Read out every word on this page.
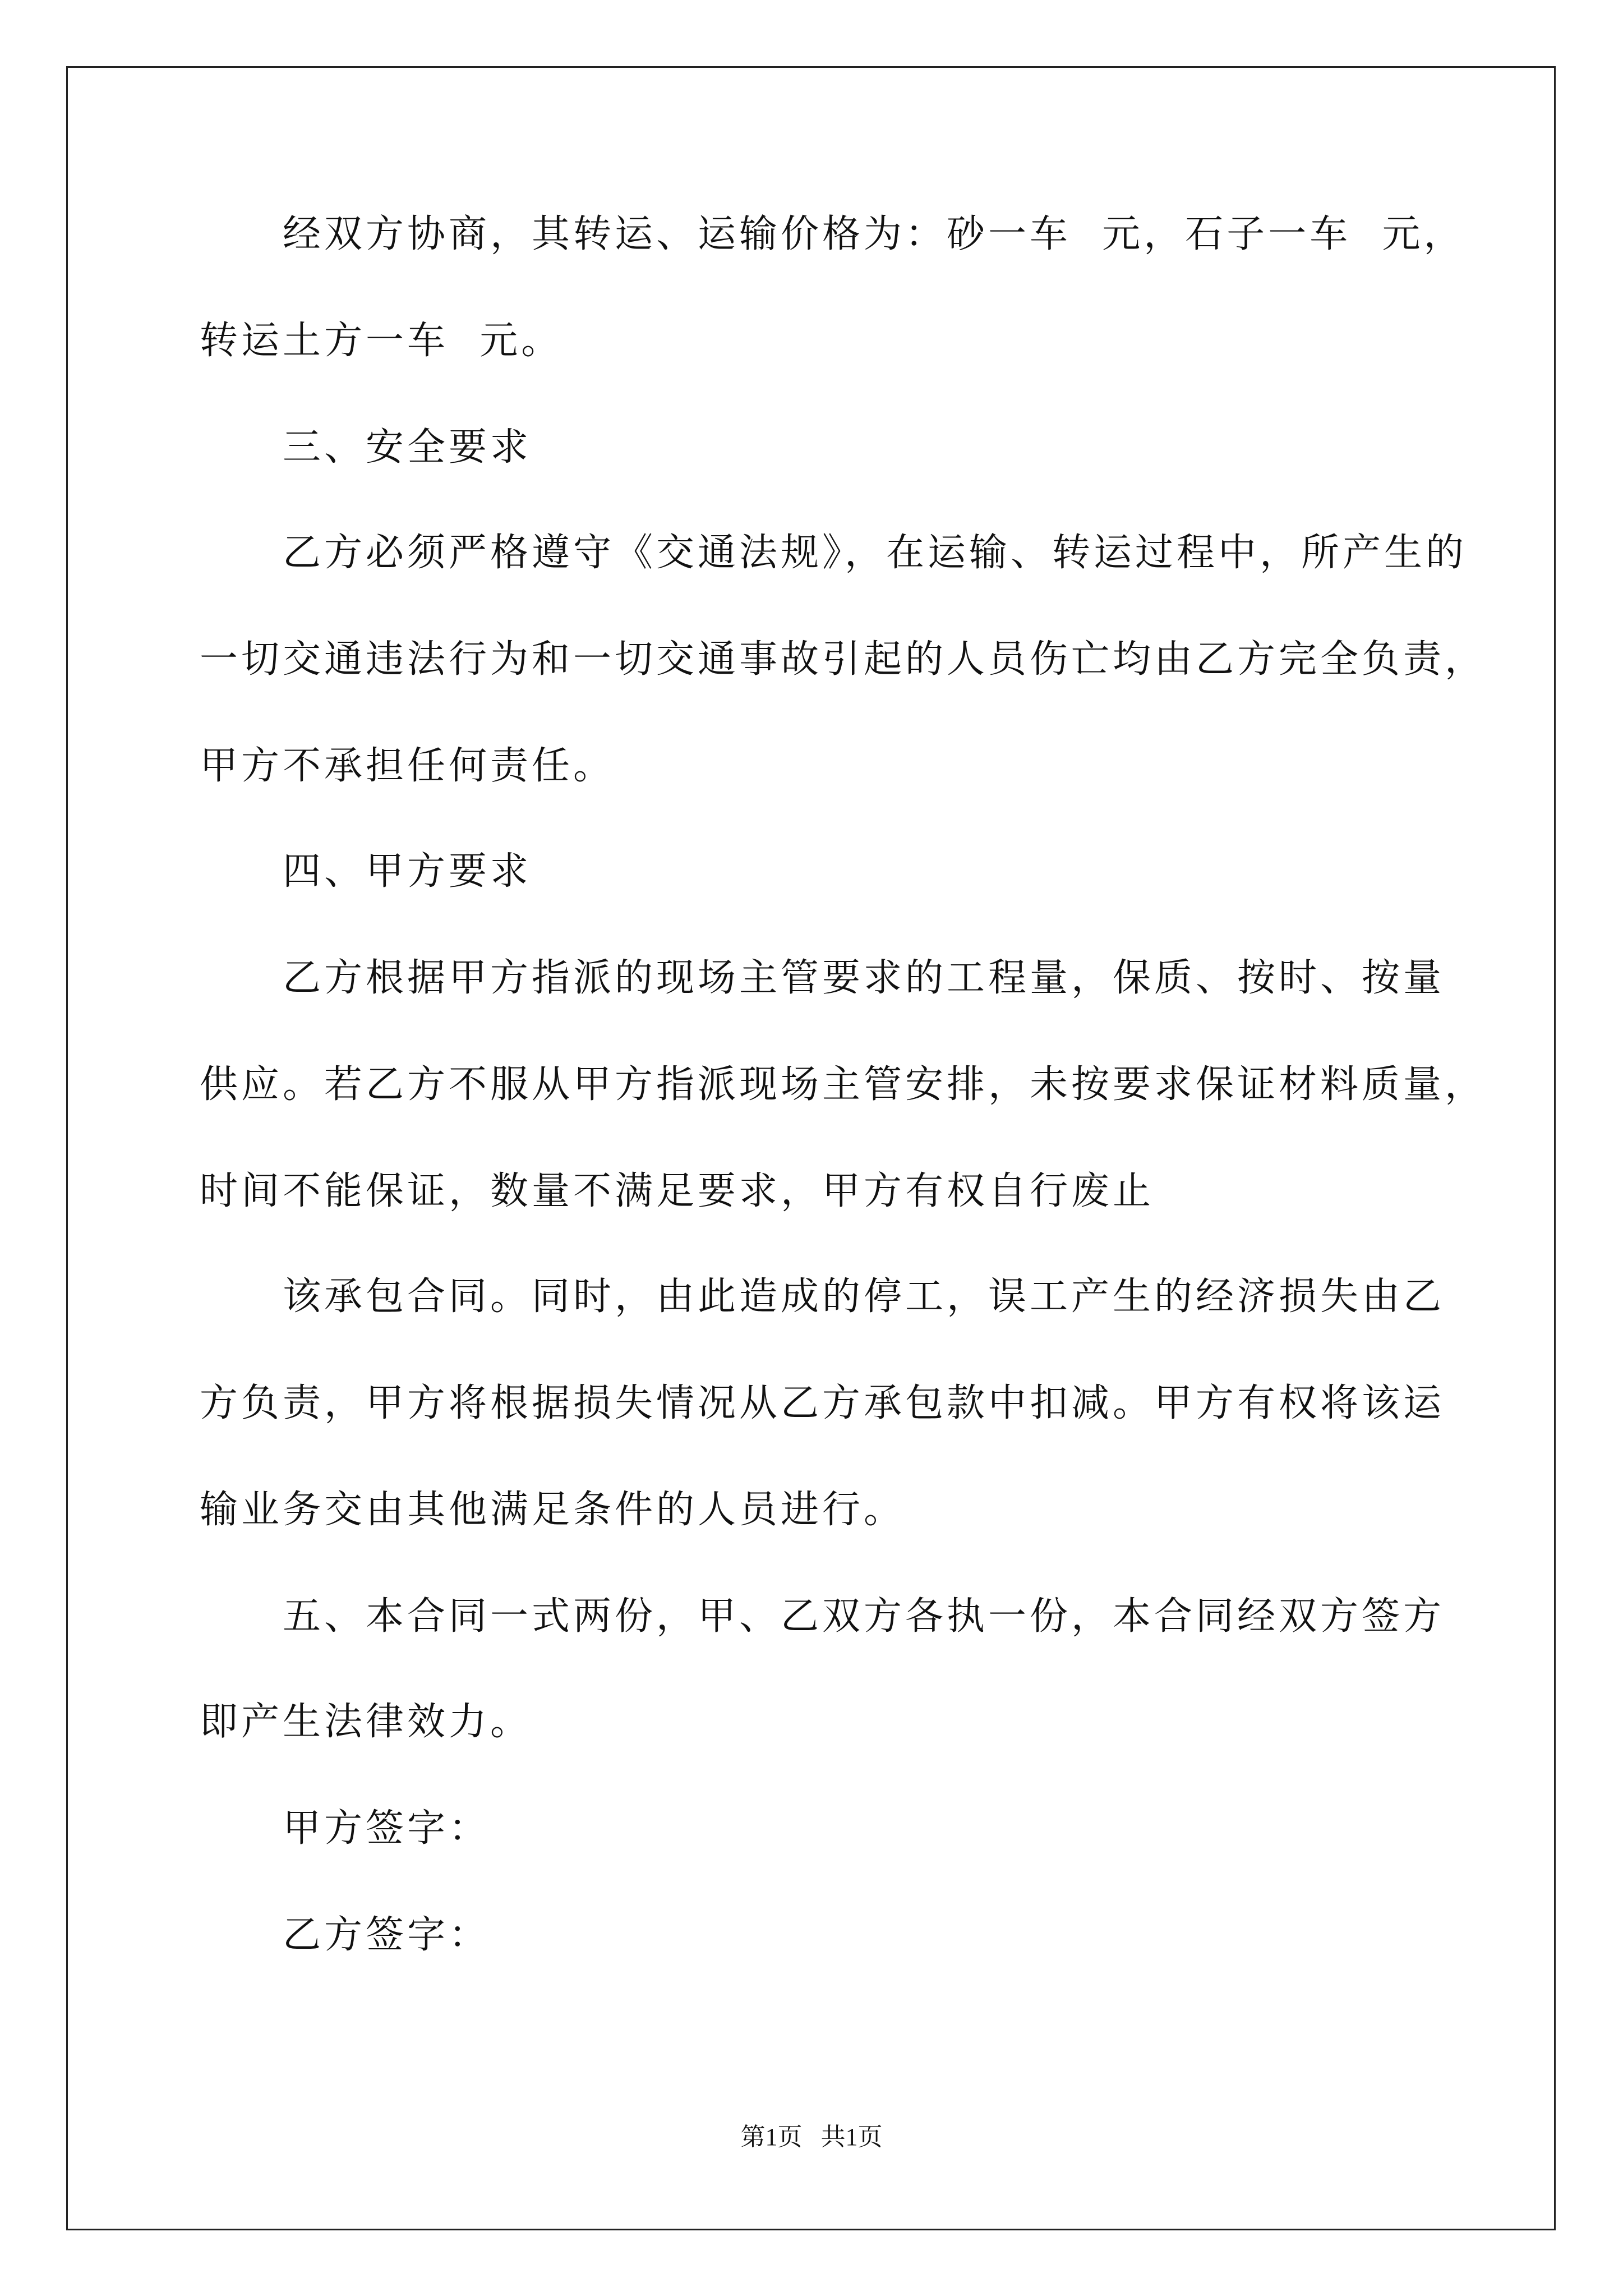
经双方协商，其转运、运输价格为：砂一车  元，石子一车  元，
转运土方一车  元。
三、安全要求
乙方必须严格遵守《交通法规》，在运输、转运过程中，所产生的
一切交通违法行为和一切交通事故引起的人员伤亡均由乙方完全负责，
甲方不承担任何责任。
四、甲方要求
乙方根据甲方指派的现场主管要求的工程量，保质、按时、按量
供应。若乙方不服从甲方指派现场主管安排，未按要求保证材料质量，
时间不能保证，数量不满足要求，甲方有权自行废止
该承包合同。同时，由此造成的停工，误工产生的经济损失由乙
方负责，甲方将根据损失情况从乙方承包款中扣减。甲方有权将该运
输业务交由其他满足条件的人员进行。
五、本合同一式两份，甲、乙双方各执一份，本合同经双方签方
即产生法律效力。
甲方签字：
乙方签字：
第1页   共1页
